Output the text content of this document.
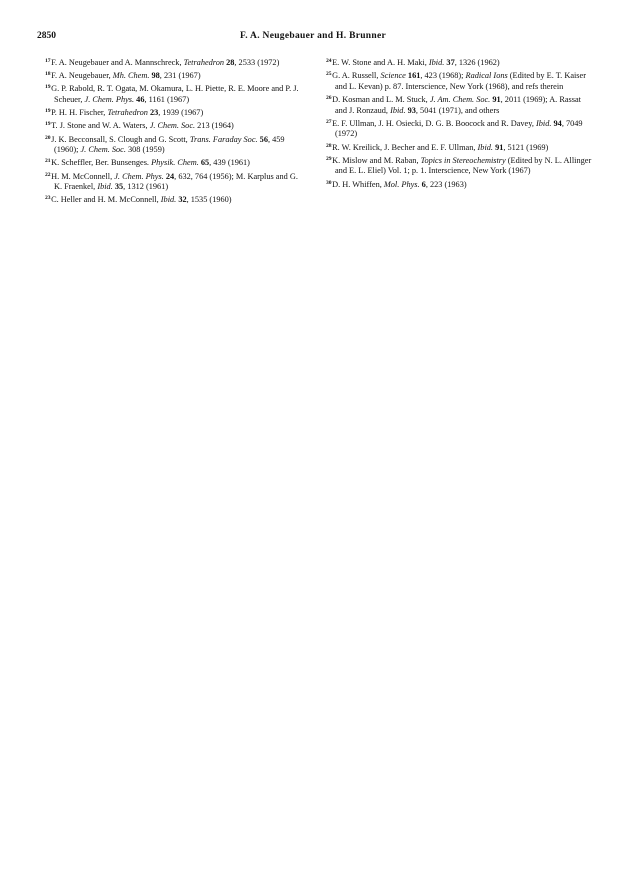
2850	F. A. Neugebauer and H. Brunner

$^{17}$F. A. Neugebauer and A. Mannschreck, Tetrahedron 28, 2533 (1972)

$^{18}$F. A. Neugebauer, Mh. Chem. 98, 231 (1967)

$^{19}$G. P. Rabold, R. T. Ogata, M. Okamura, L. H. Piette, R. E. Moore and P. J. Scheuer, J. Chem. Phys. 46, 1161 (1967)

$^{19}$P. H. H. Fischer, Tetrahedron 23, 1939 (1967)

$^{19}$T. J. Stone and W. A. Waters, J. Chem. Soc. 213 (1964)

$^{20}$J. K. Becconsall, S. Clough and G. Scott, Trans. Faraday Soc. 56, 459 (1960); J. Chem. Soc. 308 (1959)

$^{21}$K. Scheffler, Ber. Bunsenges. Physik. Chem. 65, 439 (1961)

$^{22}$H. M. McConnell, J. Chem. Phys. 24, 632, 764 (1956); M. Karplus and G. K. Fraenkel, Ibid. 35, 1312 (1961)

$^{23}$C. Heller and H. M. McConnell, Ibid. 32, 1535 (1960)

$^{24}$E. W. Stone and A. H. Maki, Ibid. 37, 1326 (1962)

$^{25}$G. A. Russell, Science 161, 423 (1968); Radical Ions (Edited by E. T. Kaiser and L. Kevan) p. 87. Interscience, New York (1968), and refs therein

$^{26}$D. Kosman and L. M. Stuck, J. Am. Chem. Soc. 91, 2011 (1969); A. Rassat and J. Ronzaud, Ibid. 93, 5041 (1971), and others

$^{27}$E. F. Ullman, J. H. Osiecki, D. G. B. Boocock and R. Davey, Ibid. 94, 7049 (1972)

$^{28}$R. W. Kreilick, J. Becher and E. F. Ullman, Ibid. 91, 5121 (1969)

$^{29}$K. Mislow and M. Raban, Topics in Stereochemistry (Edited by N. L. Allinger and E. L. Eliel) Vol. 1; p. 1. Interscience, New York (1967)

$^{30}$D. H. Whiffen, Mol. Phys. 6, 223 (1963)
